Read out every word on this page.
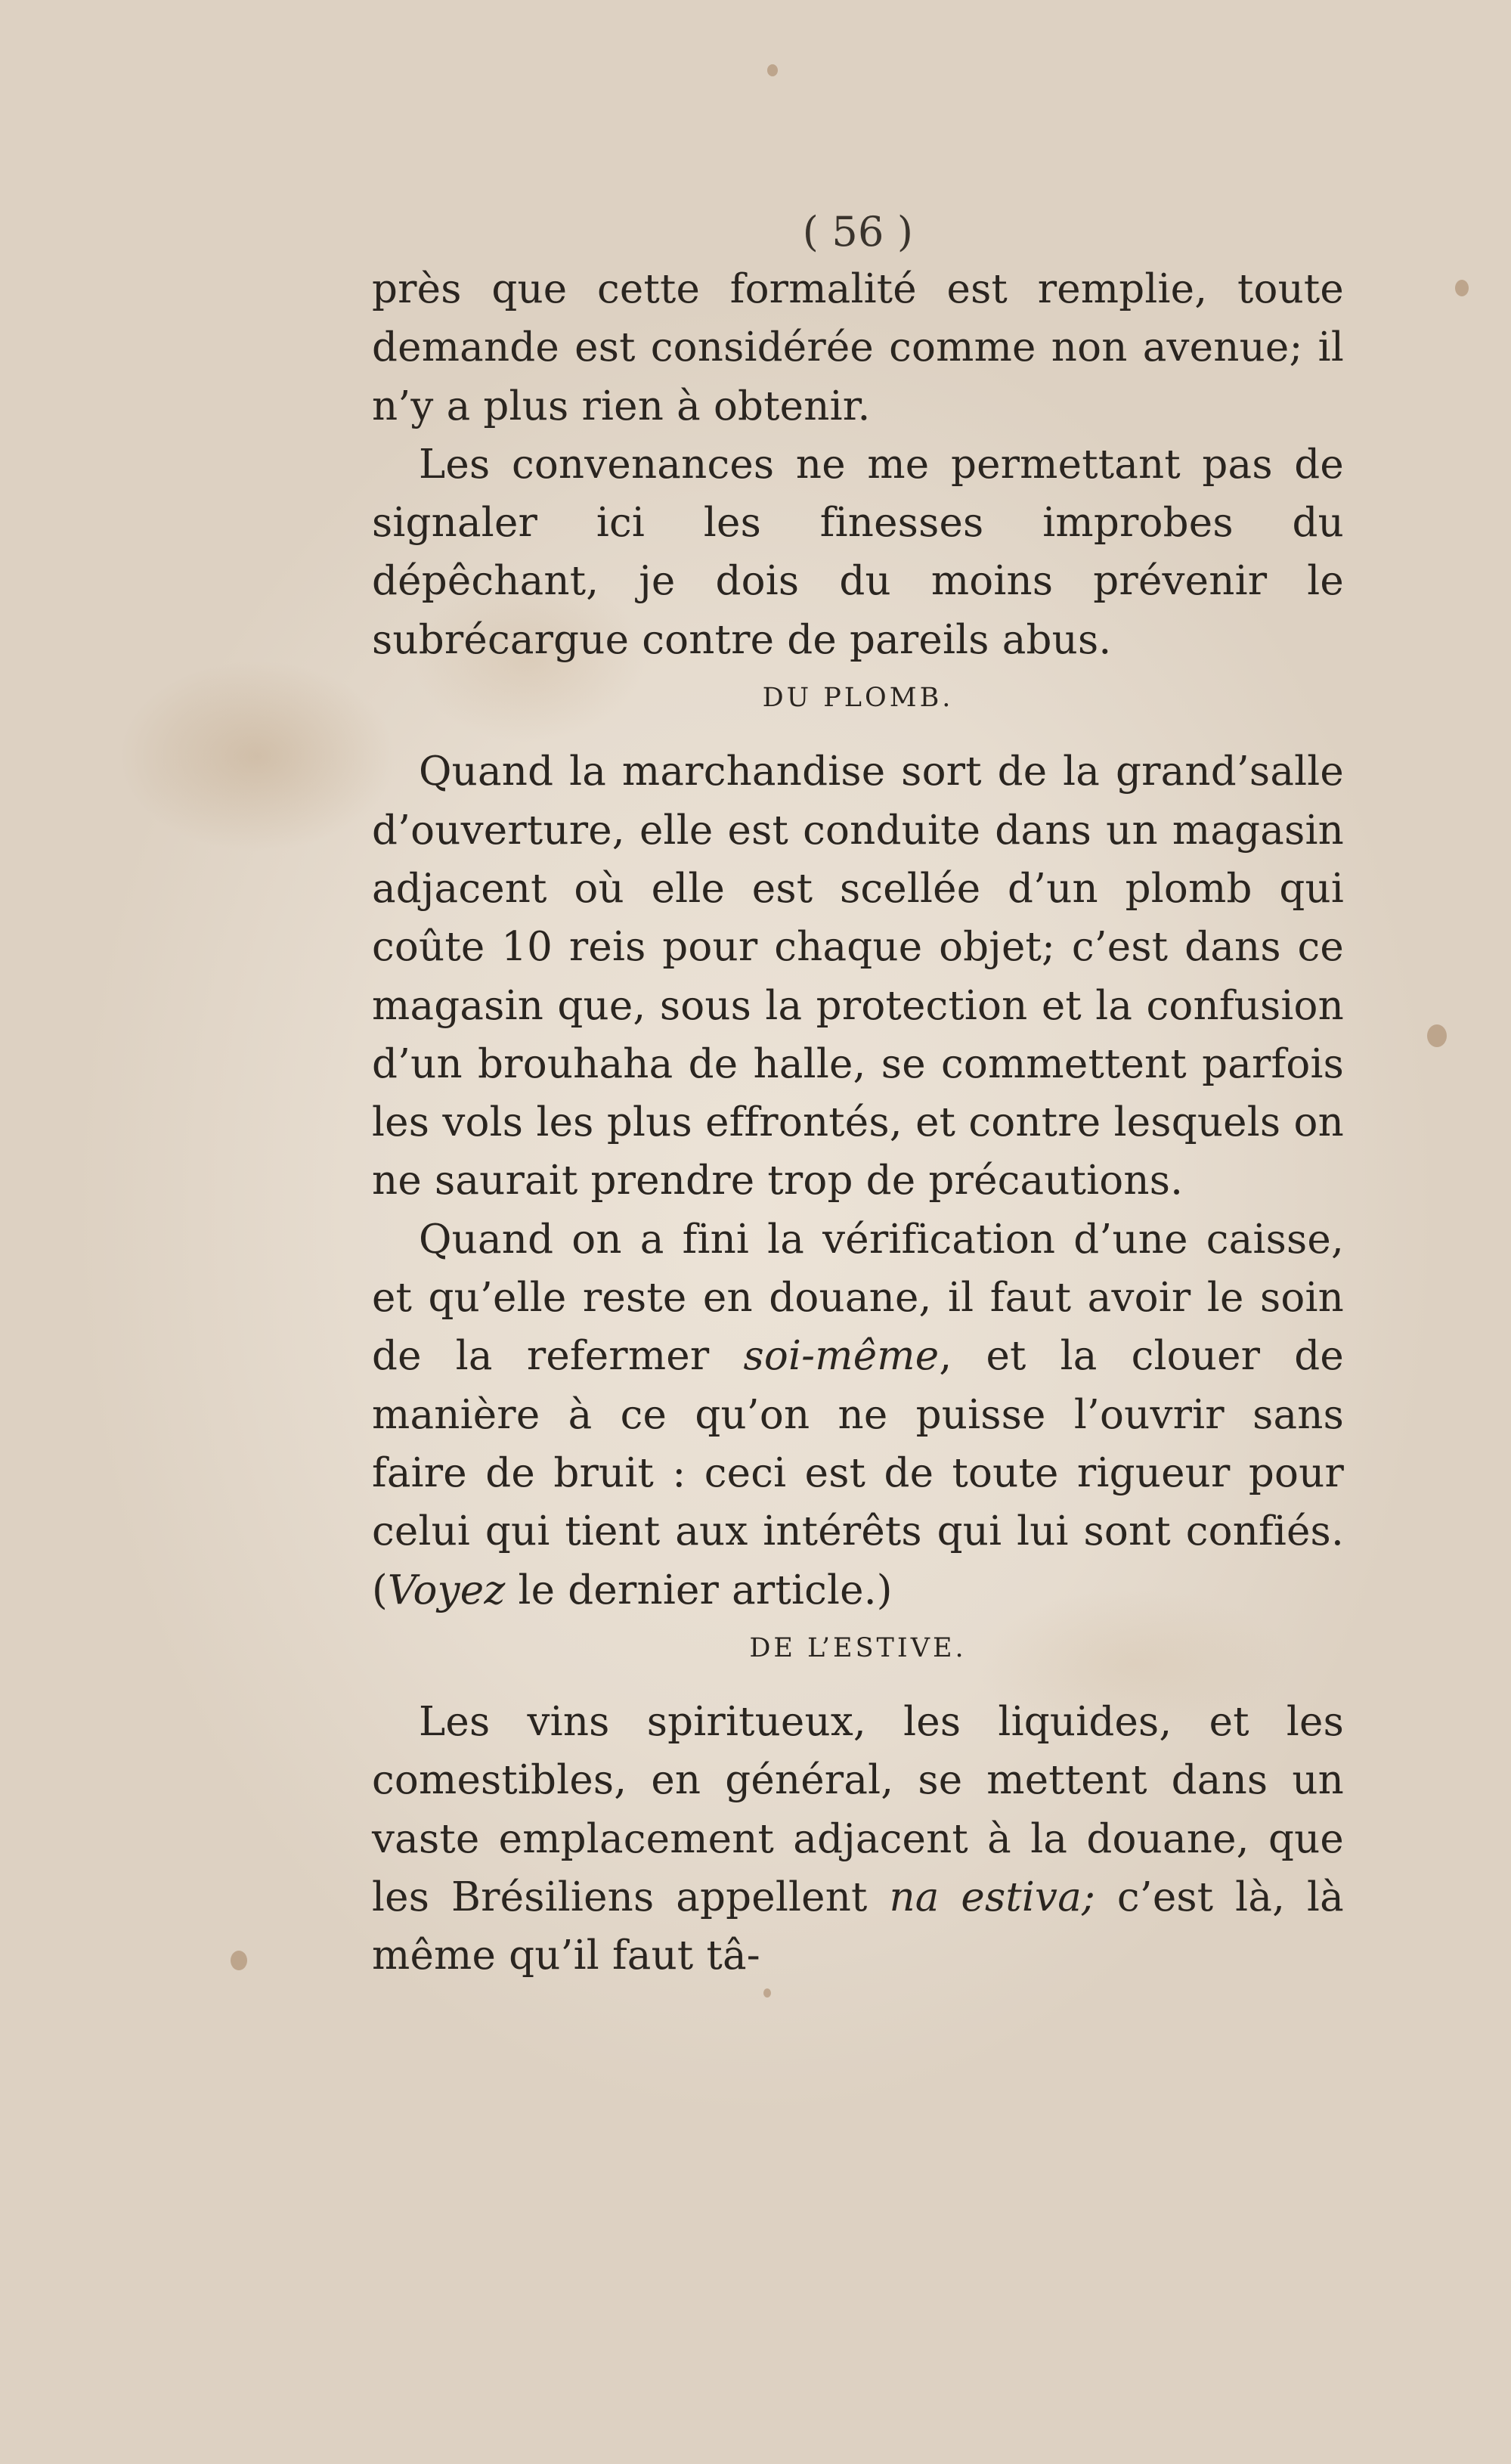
( 56 )

près que cette formalité est remplie, toute demande est considérée comme non avenue; il n’y a plus rien à obtenir.

Les convenances ne me permettant pas de signaler ici les finesses improbes du dépêchant, je dois du moins prévenir le subrécargue contre de pareils abus.

DU PLOMB.

Quand la marchandise sort de la grand’salle d’ouverture, elle est conduite dans un magasin adjacent où elle est scellée d’un plomb qui coûte 10 reis pour chaque objet; c’est dans ce magasin que, sous la protection et la confusion d’un brouhaha de halle, se commettent parfois les vols les plus effrontés, et contre lesquels on ne saurait prendre trop de précautions.

Quand on a fini la vérification d’une caisse, et qu’elle reste en douane, il faut avoir le soin de la refermer soi-même, et la clouer de manière à ce qu’on ne puisse l’ouvrir sans faire de bruit : ceci est de toute rigueur pour celui qui tient aux intérêts qui lui sont confiés. (Voyez le dernier article.)

DE L’ESTIVE.

Les vins spiritueux, les liquides, et les comestibles, en général, se mettent dans un vaste emplacement adjacent à la douane, que les Brésiliens appellent na estiva; c’est là, là même qu’il faut tâ-
